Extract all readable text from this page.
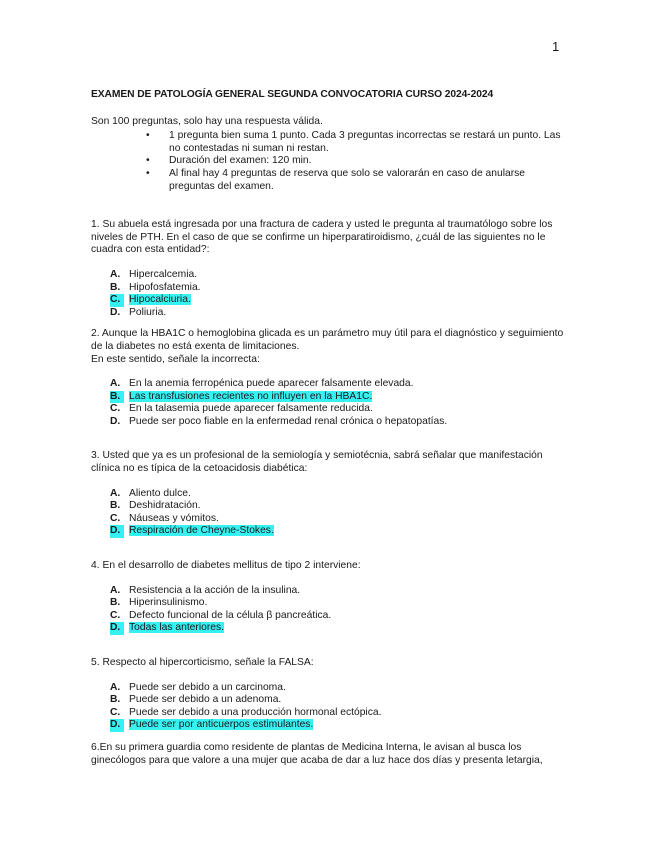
1

EXAMEN DE PATOLOGÍA GENERAL SEGUNDA CONVOCATORIA CURSO 2024-2024

Son 100 preguntas, solo hay una respuesta válida.

• 1 pregunta bien suma 1 punto. Cada 3 preguntas incorrectas se restará un punto. Las no contestadas ni suman ni restan.
• Duración del examen: 120 min.
• Al final hay 4 preguntas de reserva que solo se valorarán en caso de anularse preguntas del examen.

1. Su abuela está ingresada por una fractura de cadera y usted le pregunta al traumatólogo sobre los niveles de PTH. En el caso de que se confirme un hiperparatiroidismo, ¿cuál de las siguientes no le cuadra con esta entidad?:

A. Hipercalcemia.
B. Hipofosfatemia.
C. Hipocalciuria.
D. Poliuria.

2. Aunque la HBA1C o hemoglobina glicada es un parámetro muy útil para el diagnóstico y seguimiento de la diabetes no está exenta de limitaciones.

En este sentido, señale la incorrecta:

A. En la anemia ferropénica puede aparecer falsamente elevada.
B. Las transfusiones recientes no influyen en la HBA1C.
C. En la talasemia puede aparecer falsamente reducida.
D. Puede ser poco fiable en la enfermedad renal crónica o hepatopatías.

3. Usted que ya es un profesional de la semiología y semiotécnia, sabrá señalar que manifestación clínica no es típica de la cetoacidosis diabética:

A. Aliento dulce.
B. Deshidratación.
C. Náuseas y vómitos.
D. Respiración de Cheyne-Stokes.

4. En el desarrollo de diabetes mellitus de tipo 2 interviene:

A. Resistencia a la acción de la insulina.
B. Hiperinsulinismo.
C. Defecto funcional de la célula β pancreática.
D. Todas las anteriores.

5. Respecto al hipercorticismo, señale la FALSA:

A. Puede ser debido a un carcinoma.
B. Puede ser debido a un adenoma.
C. Puede ser debido a una producción hormonal ectópica.
D. Puede ser por anticuerpos estimulantes.

6.En su primera guardia como residente de plantas de Medicina Interna, le avisan al busca los ginecólogos para que valore a una mujer que acaba de dar a luz hace dos días y presenta letargia,
